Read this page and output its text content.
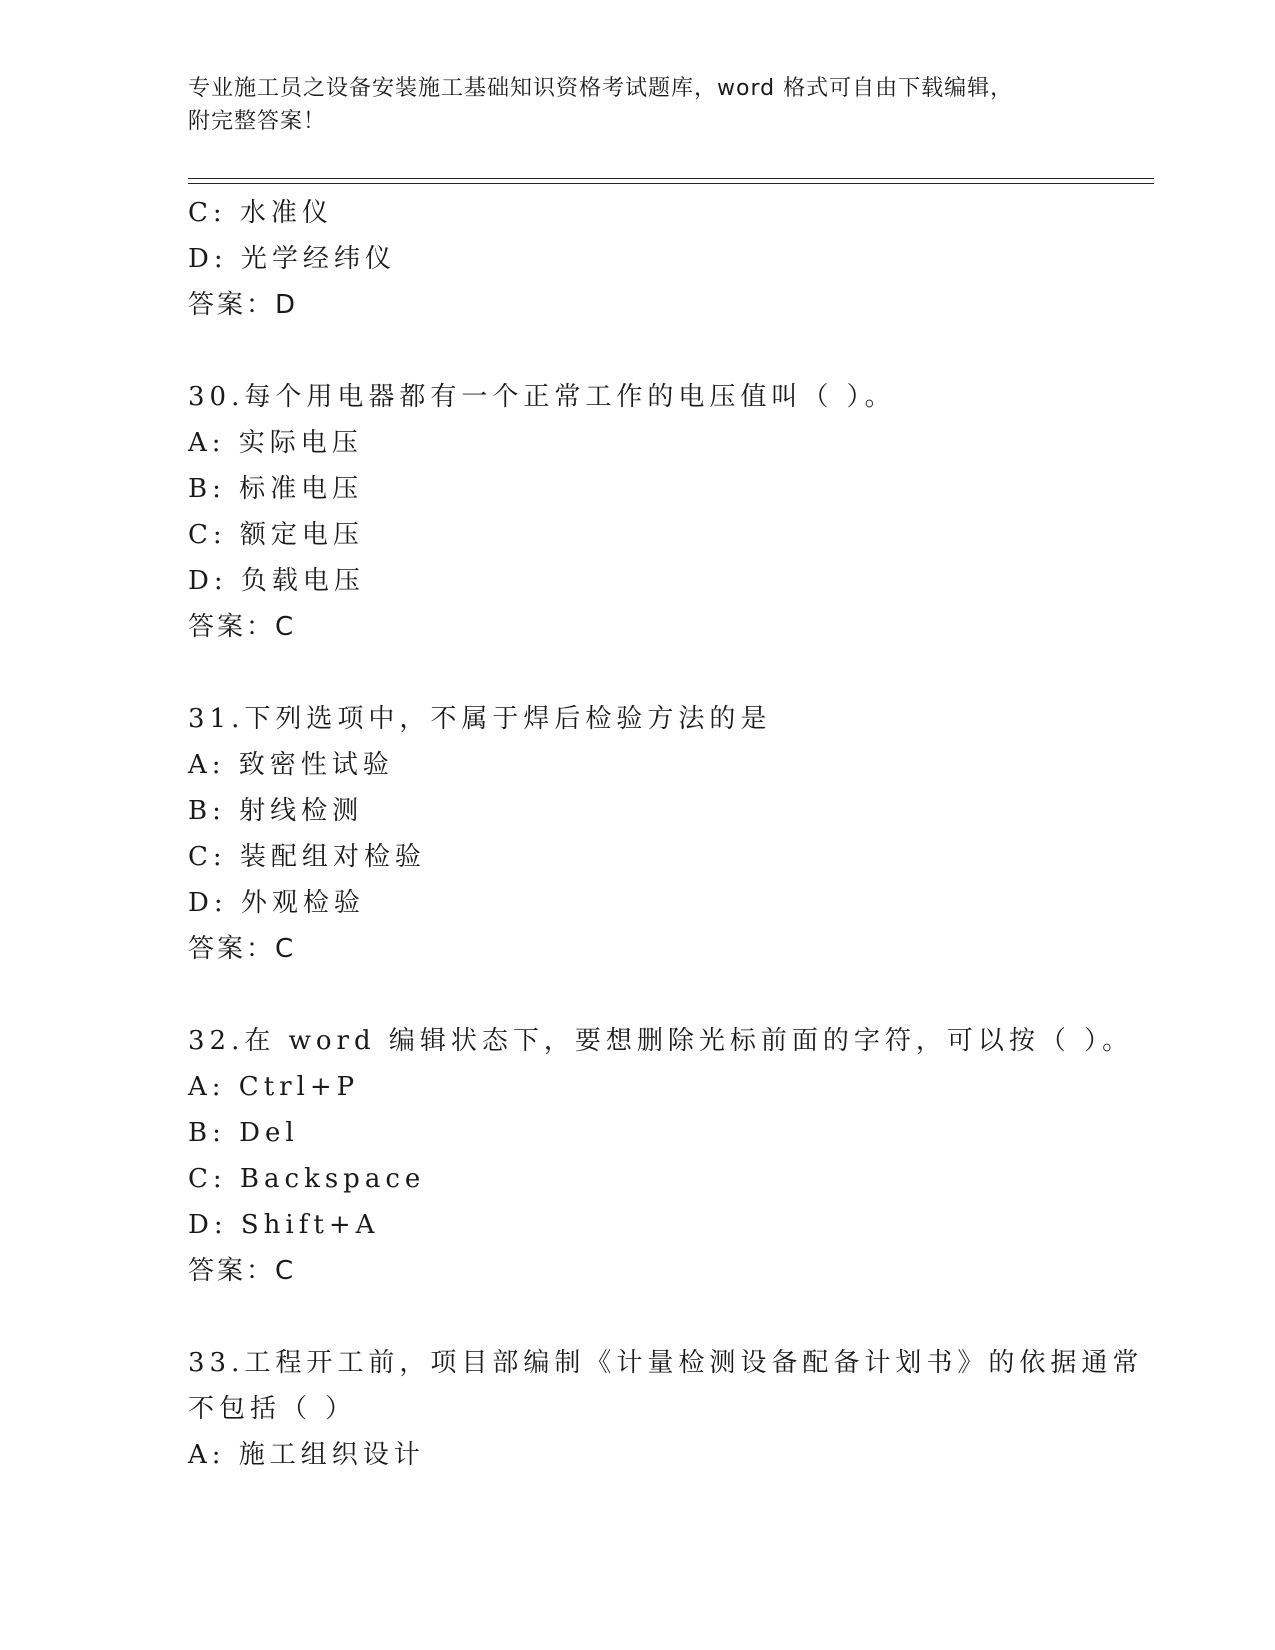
专业施工员之设备安装施工基础知识资格考试题库，word 格式可自由下载编辑，
附完整答案！
C: 水准仪
D: 光学经纬仪
答案：D
30.每个用电器都有一个正常工作的电压值叫（ ）。
A: 实际电压
B: 标准电压
C: 额定电压
D: 负载电压
答案：C
31.下列选项中，不属于焊后检验方法的是
A: 致密性试验
B: 射线检测
C: 装配组对检验
D: 外观检验
答案：C
32.在 word 编辑状态下，要想删除光标前面的字符，可以按（ ）。
A: Ctrl+P
B: Del
C: Backspace
D: Shift+A
答案：C
33.工程开工前，项目部编制《计量检测设备配备计划书》的依据通常
不包括（ ）
A: 施工组织设计
